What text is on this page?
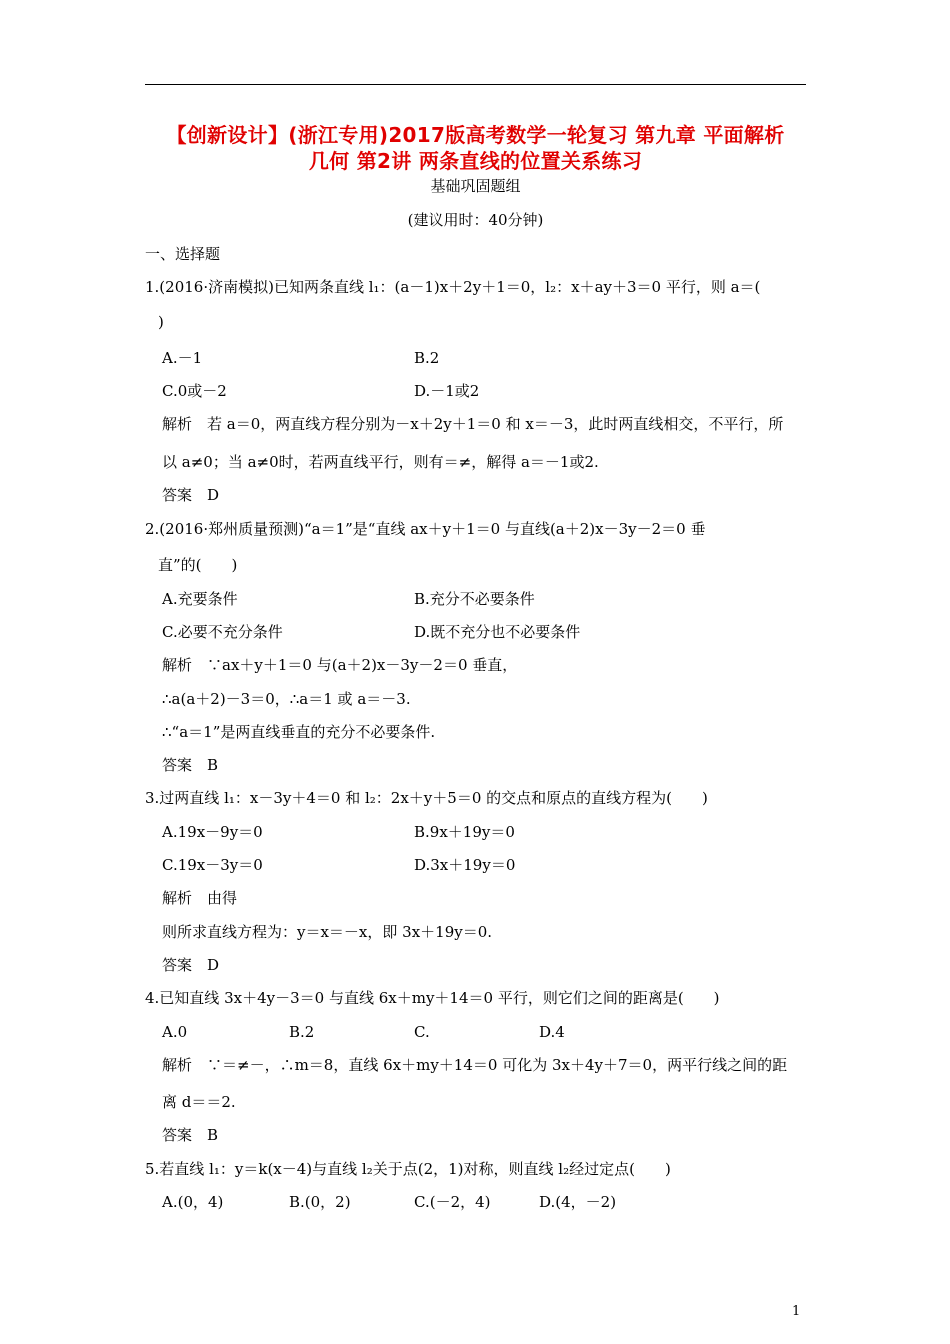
【创新设计】(浙江专用)2017版高考数学一轮复习 第九章 平面解析
几何 第2讲 两条直线的位置关系练习
基础巩固题组
(建议用时：40分钟)
一、选择题
1.(2016·济南模拟)已知两条直线 l₁：(a－1)x＋2y＋1＝0，l₂：x＋ay＋3＝0 平行，则 a＝(
)
A.－1	B.2
C.0或－2	D.－1或2
解析　若 a＝0，两直线方程分别为－x＋2y＋1＝0 和 x＝－3，此时两直线相交，不平行，所
以 a≠0；当 a≠0时，若两直线平行，则有＝≠，解得 a＝－1或2.
答案　D
2.(2016·郑州质量预测)“a＝1”是“直线 ax＋y＋1＝0 与直线(a＋2)x－3y－2＝0 垂
直”的(　　)
A.充要条件	B.充分不必要条件
C.必要不充分条件	D.既不充分也不必要条件
解析　∵ax＋y＋1＝0 与(a＋2)x－3y－2＝0 垂直，
∴a(a＋2)－3＝0，∴a＝1 或 a＝－3.
∴“a＝1”是两直线垂直的充分不必要条件.
答案　B
3.过两直线 l₁：x－3y＋4＝0 和 l₂：2x＋y＋5＝0 的交点和原点的直线方程为(　　)
A.19x－9y＝0	B.9x＋19y＝0
C.19x－3y＝0	D.3x＋19y＝0
解析　由得
则所求直线方程为：y＝x＝－x，即 3x＋19y＝0.
答案　D
4.已知直线 3x＋4y－3＝0 与直线 6x＋my＋14＝0 平行，则它们之间的距离是(　　)
A.0	B.2	C.	D.4
解析　∵＝≠－，∴m＝8，直线 6x＋my＋14＝0 可化为 3x＋4y＋7＝0，两平行线之间的距
离 d＝＝2.
答案　B
5.若直线 l₁：y＝k(x－4)与直线 l₂关于点(2，1)对称，则直线 l₂经过定点(　　)
A.(0，4)	B.(0，2)	C.(－2，4)	D.(4，－2)
1
